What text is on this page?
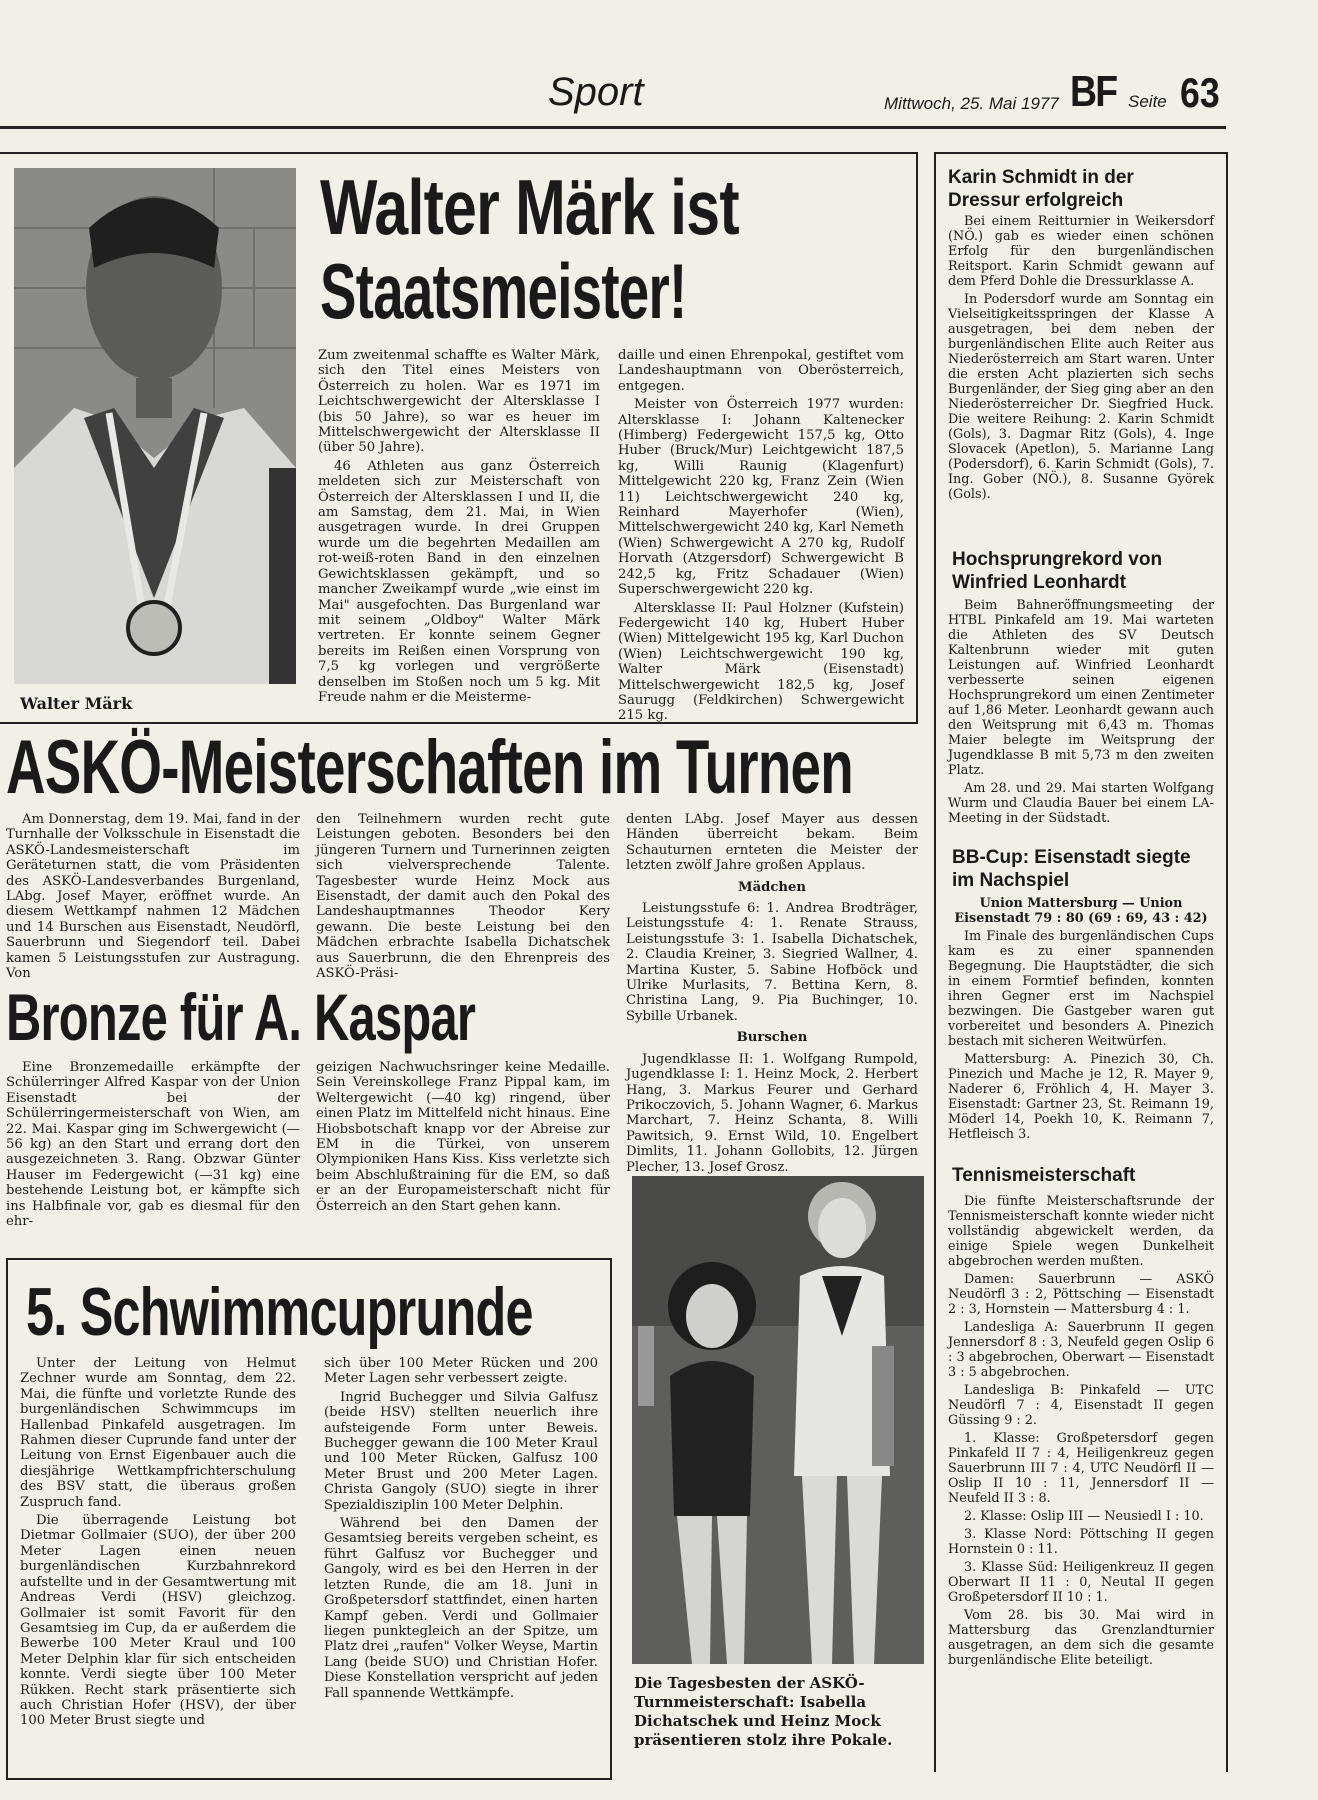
Sport	Mittwoch, 25. Mai 1977 BF Seite 63
Walter Märk
Walter Märk ist
Staatsmeister!

Zum zweitenmal schaffte es Walter Märk, sich den Titel eines Meisters von Österreich zu holen. War es 1971 im Leichtschwergewicht der Altersklasse I (bis 50 Jahre), so war es heuer im Mittelschwergewicht der Altersklasse II (über 50 Jahre).

46 Athleten aus ganz Österreich meldeten sich zur Meisterschaft von Österreich der Altersklassen I und II, die am Samstag, dem 21. Mai, in Wien ausgetragen wurde. In drei Gruppen wurde um die begehrten Medaillen am rot-weiß-roten Band in den einzelnen Gewichtsklassen gekämpft, und so mancher Zweikampf wurde „wie einst im Mai" ausgefochten. Das Burgenland war mit seinem „Oldboy" Walter Märk vertreten. Er konnte seinem Gegner bereits im Reißen einen Vorsprung von 7,5 kg vorlegen und vergrößerte denselben im Stoßen noch um 5 kg. Mit Freude nahm er die Meisterme-

daille und einen Ehrenpokal, gestiftet vom Landeshauptmann von Oberösterreich, entgegen.

Meister von Österreich 1977 wurden: Altersklasse I: Johann Kaltenecker (Himberg) Federgewicht 157,5 kg, Otto Huber (Bruck/Mur) Leichtgewicht 187,5 kg, Willi Raunig (Klagenfurt) Mittelgewicht 220 kg, Franz Zein (Wien 11) Leichtschwergewicht 240 kg, Reinhard Mayerhofer (Wien), Mittelschwergewicht 240 kg, Karl Nemeth (Wien) Schwergewicht A 270 kg, Rudolf Horvath (Atzgersdorf) Schwergewicht B 242,5 kg, Fritz Schadauer (Wien) Superschwergewicht 220 kg.

Altersklasse II: Paul Holzner (Kufstein) Federgewicht 140 kg, Hubert Huber (Wien) Mittelgewicht 195 kg, Karl Duchon (Wien) Leichtschwergewicht 190 kg, Walter Märk (Eisenstadt) Mittelschwergewicht 182,5 kg, Josef Saurugg (Feldkirchen) Schwergewicht 215 kg.

ASKÖ-Meisterschaften im Turnen

Am Donnerstag, dem 19. Mai, fand in der Turnhalle der Volksschule in Eisenstadt die ASKÖ-Landesmeisterschaft im Geräteturnen statt, die vom Präsidenten des ASKÖ-Landesverbandes Burgenland, LAbg. Josef Mayer, eröffnet wurde. An diesem Wettkampf nahmen 12 Mädchen und 14 Burschen aus Eisenstadt, Neudörfl, Sauerbrunn und Siegendorf teil. Dabei kamen 5 Leistungsstufen zur Austragung. Von

den Teilnehmern wurden recht gute Leistungen geboten. Besonders bei den jüngeren Turnern und Turnerinnen zeigten sich vielversprechende Talente. Tagesbester wurde Heinz Mock aus Eisenstadt, der damit auch den Pokal des Landeshauptmannes Theodor Kery gewann. Die beste Leistung bei den Mädchen erbrachte Isabella Dichatschek aus Sauerbrunn, die den Ehrenpreis des ASKÖ-Präsi-

denten LAbg. Josef Mayer aus dessen Händen überreicht bekam. Beim Schauturnen ernteten die Meister der letzten zwölf Jahre großen Applaus.

Mädchen

Leistungsstufe 6: 1. Andrea Brodträger, Leistungsstufe 4: 1. Renate Strauss, Leistungsstufe 3: 1. Isabella Dichatschek, 2. Claudia Kreiner, 3. Siegried Wallner, 4. Martina Kuster, 5. Sabine Hofböck und Ulrike Murlasits, 7. Bettina Kern, 8. Christina Lang, 9. Pia Buchinger, 10. Sybille Urbanek.

Burschen

Jugendklasse II: 1. Wolfgang Rumpold, Jugendklasse I: 1. Heinz Mock, 2. Herbert Hang, 3. Markus Feurer und Gerhard Prikoczovich, 5. Johann Wagner, 6. Markus Marchart, 7. Heinz Schanta, 8. Willi Pawitsich, 9. Ernst Wild, 10. Engelbert Dimlits, 11. Johann Gollobits, 12. Jürgen Plecher, 13. Josef Grosz.

Bronze für A. Kaspar

Eine Bronzemedaille erkämpfte der Schülerringer Alfred Kaspar von der Union Eisenstadt bei der Schülerringermeisterschaft von Wien, am 22. Mai. Kaspar ging im Schwergewicht (—56 kg) an den Start und errang dort den ausgezeichneten 3. Rang. Obzwar Günter Hauser im Federgewicht (—31 kg) eine bestehende Leistung bot, er kämpfte sich ins Halbfinale vor, gab es diesmal für den ehr-

geizigen Nachwuchsringer keine Medaille. Sein Vereinskollege Franz Pippal kam, im Weltergewicht (—40 kg) ringend, über einen Platz im Mittelfeld nicht hinaus. Eine Hiobsbotschaft knapp vor der Abreise zur EM in die Türkei, von unserem Olympioniken Hans Kiss. Kiss verletzte sich beim Abschlußtraining für die EM, so daß er an der Europameisterschaft nicht für Österreich an den Start gehen kann.

5. Schwimmcuprunde

Unter der Leitung von Helmut Zechner wurde am Sonntag, dem 22. Mai, die fünfte und vorletzte Runde des burgenländischen Schwimmcups im Hallenbad Pinkafeld ausgetragen. Im Rahmen dieser Cuprunde fand unter der Leitung von Ernst Eigenbauer auch die diesjährige Wettkampfrichterschulung des BSV statt, die überaus großen Zuspruch fand.

Die überragende Leistung bot Dietmar Gollmaier (SUO), der über 200 Meter Lagen einen neuen burgenländischen Kurzbahnrekord aufstellte und in der Gesamtwertung mit Andreas Verdi (HSV) gleichzog. Gollmaier ist somit Favorit für den Gesamtsieg im Cup, da er außerdem die Bewerbe 100 Meter Kraul und 100 Meter Delphin klar für sich entscheiden konnte. Verdi siegte über 100 Meter Rükken. Recht stark präsentierte sich auch Christian Hofer (HSV), der über 100 Meter Brust siegte und

sich über 100 Meter Rücken und 200 Meter Lagen sehr verbessert zeigte.

Ingrid Buchegger und Silvia Galfusz (beide HSV) stellten neuerlich ihre aufsteigende Form unter Beweis. Buchegger gewann die 100 Meter Kraul und 100 Meter Rücken, Galfusz 100 Meter Brust und 200 Meter Lagen. Christa Gangoly (SUO) siegte in ihrer Spezialdisziplin 100 Meter Delphin.

Während bei den Damen der Gesamtsieg bereits vergeben scheint, es führt Galfusz vor Buchegger und Gangoly, wird es bei den Herren in der letzten Runde, die am 18. Juni in Großpetersdorf stattfindet, einen harten Kampf geben. Verdi und Gollmaier liegen punktegleich an der Spitze, um Platz drei „raufen" Volker Weyse, Martin Lang (beide SUO) und Christian Hofer. Diese Konstellation verspricht auf jeden Fall spannende Wettkämpfe.

Die Tagesbesten der ASKÖ-Turnmeisterschaft: Isabella Dichatschek und Heinz Mock präsentieren stolz ihre Pokale.
Karin Schmidt in der Dressur erfolgreich

Bei einem Reitturnier in Weikersdorf (NÖ.) gab es wieder einen schönen Erfolg für den burgenländischen Reitsport. Karin Schmidt gewann auf dem Pferd Dohle die Dressurklasse A.

In Podersdorf wurde am Sonntag ein Vielseitigkeitsspringen der Klasse A ausgetragen, bei dem neben der burgenländischen Elite auch Reiter aus Niederösterreich am Start waren. Unter die ersten Acht plazierten sich sechs Burgenländer, der Sieg ging aber an den Niederösterreicher Dr. Siegfried Huck. Die weitere Reihung: 2. Karin Schmidt (Gols), 3. Dagmar Ritz (Gols), 4. Inge Slovacek (Apetlon), 5. Marianne Lang (Podersdorf), 6. Karin Schmidt (Gols), 7. Ing. Gober (NÖ.), 8. Susanne Györek (Gols).

Hochsprungrekord von Winfried Leonhardt

Beim Bahneröffnungsmeeting der HTBL Pinkafeld am 19. Mai warteten die Athleten des SV Deutsch Kaltenbrunn wieder mit guten Leistungen auf. Winfried Leonhardt verbesserte seinen eigenen Hochsprungrekord um einen Zentimeter auf 1,86 Meter. Leonhardt gewann auch den Weitsprung mit 6,43 m. Thomas Maier belegte im Weitsprung der Jugendklasse B mit 5,73 m den zweiten Platz.

Am 28. und 29. Mai starten Wolfgang Wurm und Claudia Bauer bei einem LA-Meeting in der Südstadt.

BB-Cup: Eisenstadt siegte im Nachspiel

Union Mattersburg — Union Eisenstadt 79 : 80 (69 : 69, 43 : 42)

Im Finale des burgenländischen Cups kam es zu einer spannenden Begegnung. Die Hauptstädter, die sich in einem Formtief befinden, konnten ihren Gegner erst im Nachspiel bezwingen. Die Gastgeber waren gut vorbereitet und besonders A. Pinezich bestach mit sicheren Weitwürfen.

Mattersburg: A. Pinezich 30, Ch. Pinezich und Mache je 12, R. Mayer 9, Naderer 6, Fröhlich 4, H. Mayer 3. Eisenstadt: Gartner 23, St. Reimann 19, Möderl 14, Poekh 10, K. Reimann 7, Hetfleisch 3.

Tennismeisterschaft

Die fünfte Meisterschaftsrunde der Tennismeisterschaft konnte wieder nicht vollständig abgewickelt werden, da einige Spiele wegen Dunkelheit abgebrochen werden mußten.

Damen: Sauerbrunn — ASKÖ Neudörfl 3 : 2, Pöttsching — Eisenstadt 2 : 3, Hornstein — Mattersburg 4 : 1.

Landesliga A: Sauerbrunn II gegen Jennersdorf 8 : 3, Neufeld gegen Oslip 6 : 3 abgebrochen, Oberwart — Eisenstadt 3 : 5 abgebrochen.

Landesliga B: Pinkafeld — UTC Neudörfl 7 : 4, Eisenstadt II gegen Güssing 9 : 2.

1. Klasse: Großpetersdorf gegen Pinkafeld II 7 : 4, Heiligenkreuz gegen Sauerbrunn III 7 : 4, UTC Neudörfl II — Oslip II 10 : 11, Jennersdorf II — Neufeld II 3 : 8.

2. Klasse: Oslip III — Neusiedl I : 10.

3. Klasse Nord: Pöttsching II gegen Hornstein 0 : 11.

3. Klasse Süd: Heiligenkreuz II gegen Oberwart II 11 : 0, Neutal II gegen Großpetersdorf II 10 : 1.

Vom 28. bis 30. Mai wird in Mattersburg das Grenzlandturnier ausgetragen, an dem sich die gesamte burgenländische Elite beteiligt.
